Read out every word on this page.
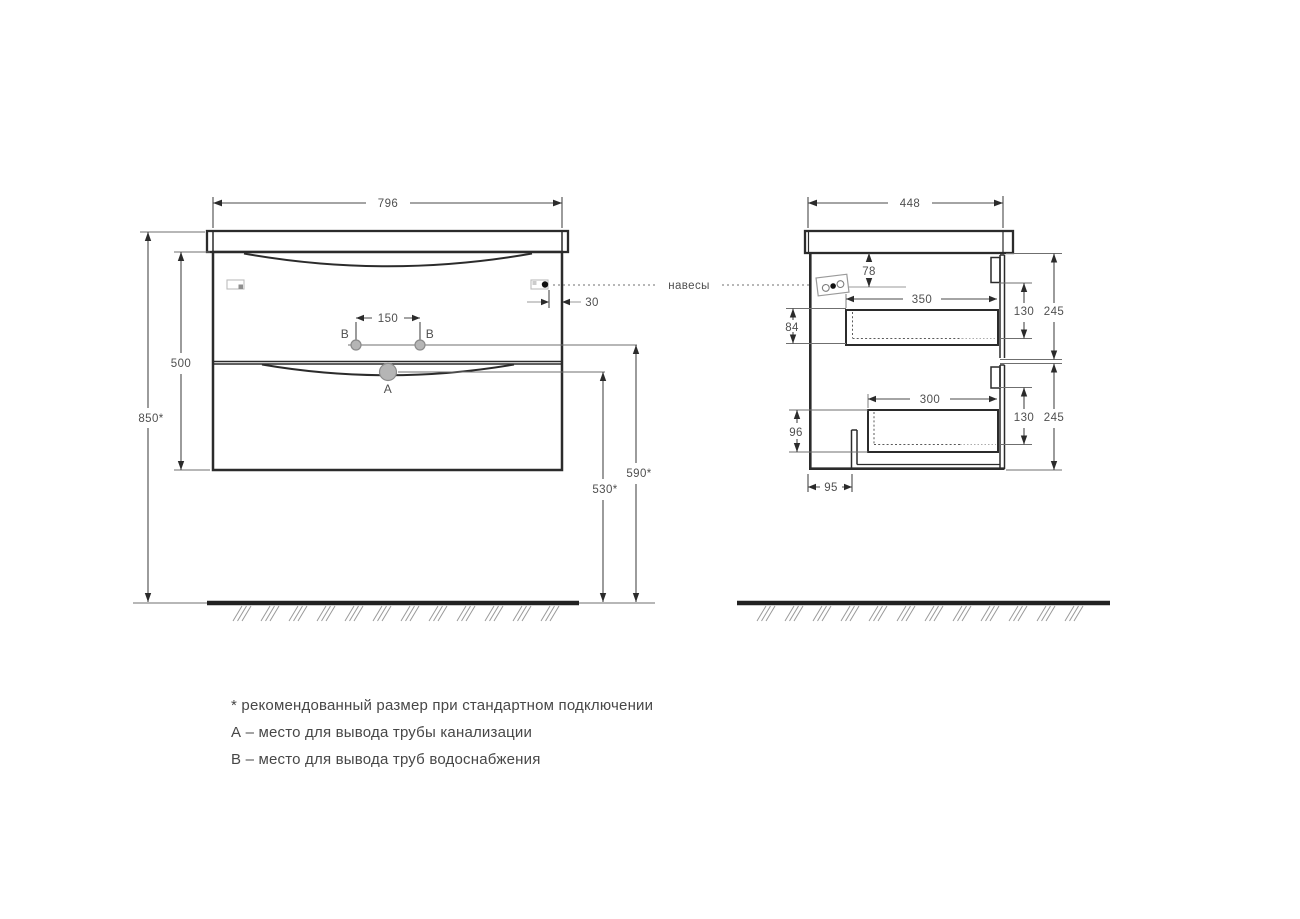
796
30
150
B	B
A
500
850*
590*
530*
навесы
448
78
350
84
300
96
95
130 245
130 245
* рекомендованный размер при стандартном подключении
А – место для вывода трубы канализации
В – место для вывода труб водоснабжения
